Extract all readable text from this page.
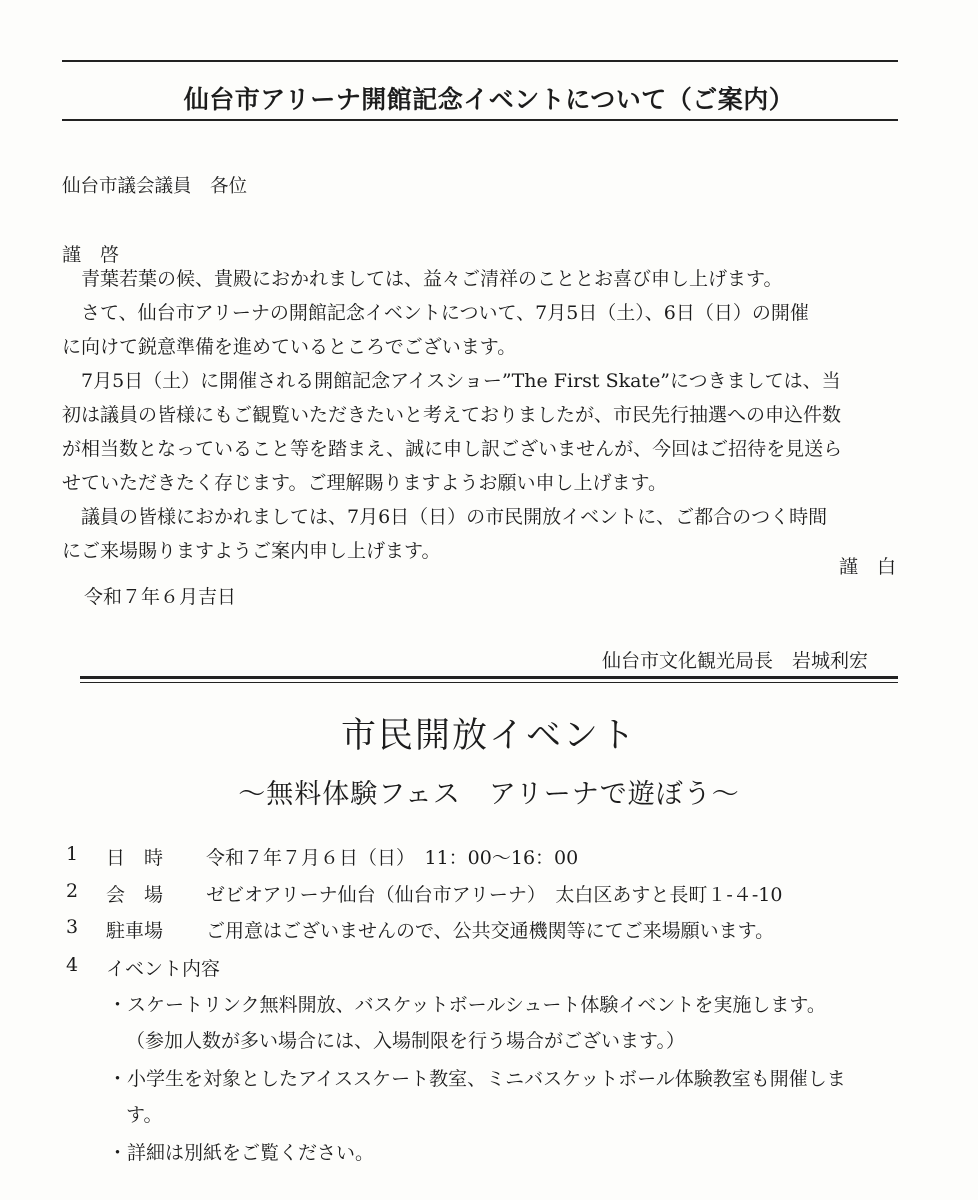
仙台市アリーナ開館記念イベントについて（ご案内）
仙台市議会議員　各位
謹　啓
青葉若葉の候、貴殿におかれましては、益々ご清祥のこととお喜び申し上げます。
さて、仙台市アリーナの開館記念イベントについて、7月5日（土）、6日（日）の開催
に向けて鋭意準備を進めているところでございます。
7月5日（土）に開催される開館記念アイスショー”The First Skate”につきましては、当
初は議員の皆様にもご観覧いただきたいと考えておりましたが、市民先行抽選への申込件数
が相当数となっていること等を踏まえ、誠に申し訳ございませんが、今回はご招待を見送ら
せていただきたく存じます。ご理解賜りますようお願い申し上げます。
議員の皆様におかれましては、7月6日（日）の市民開放イベントに、ご都合のつく時間
にご来場賜りますようご案内申し上げます。
謹　白
令和７年６月吉日
仙台市文化観光局長　岩城利宏
市民開放イベント
～無料体験フェス　アリーナで遊ぼう～
1 日　時 令和７年７月６日（日）　11：00～16：00
2 会　場 ゼビオアリーナ仙台（仙台市アリーナ）　太白区あすと長町１-４-10
3 駐車場 ご用意はございませんので、公共交通機関等にてご来場願います。
4 イベント内容
・スケートリンク無料開放、バスケットボールシュート体験イベントを実施します。
（参加人数が多い場合には、入場制限を行う場合がございます。）
・小学生を対象としたアイススケート教室、ミニバスケットボール体験教室も開催しま
す。
・詳細は別紙をご覧ください。
